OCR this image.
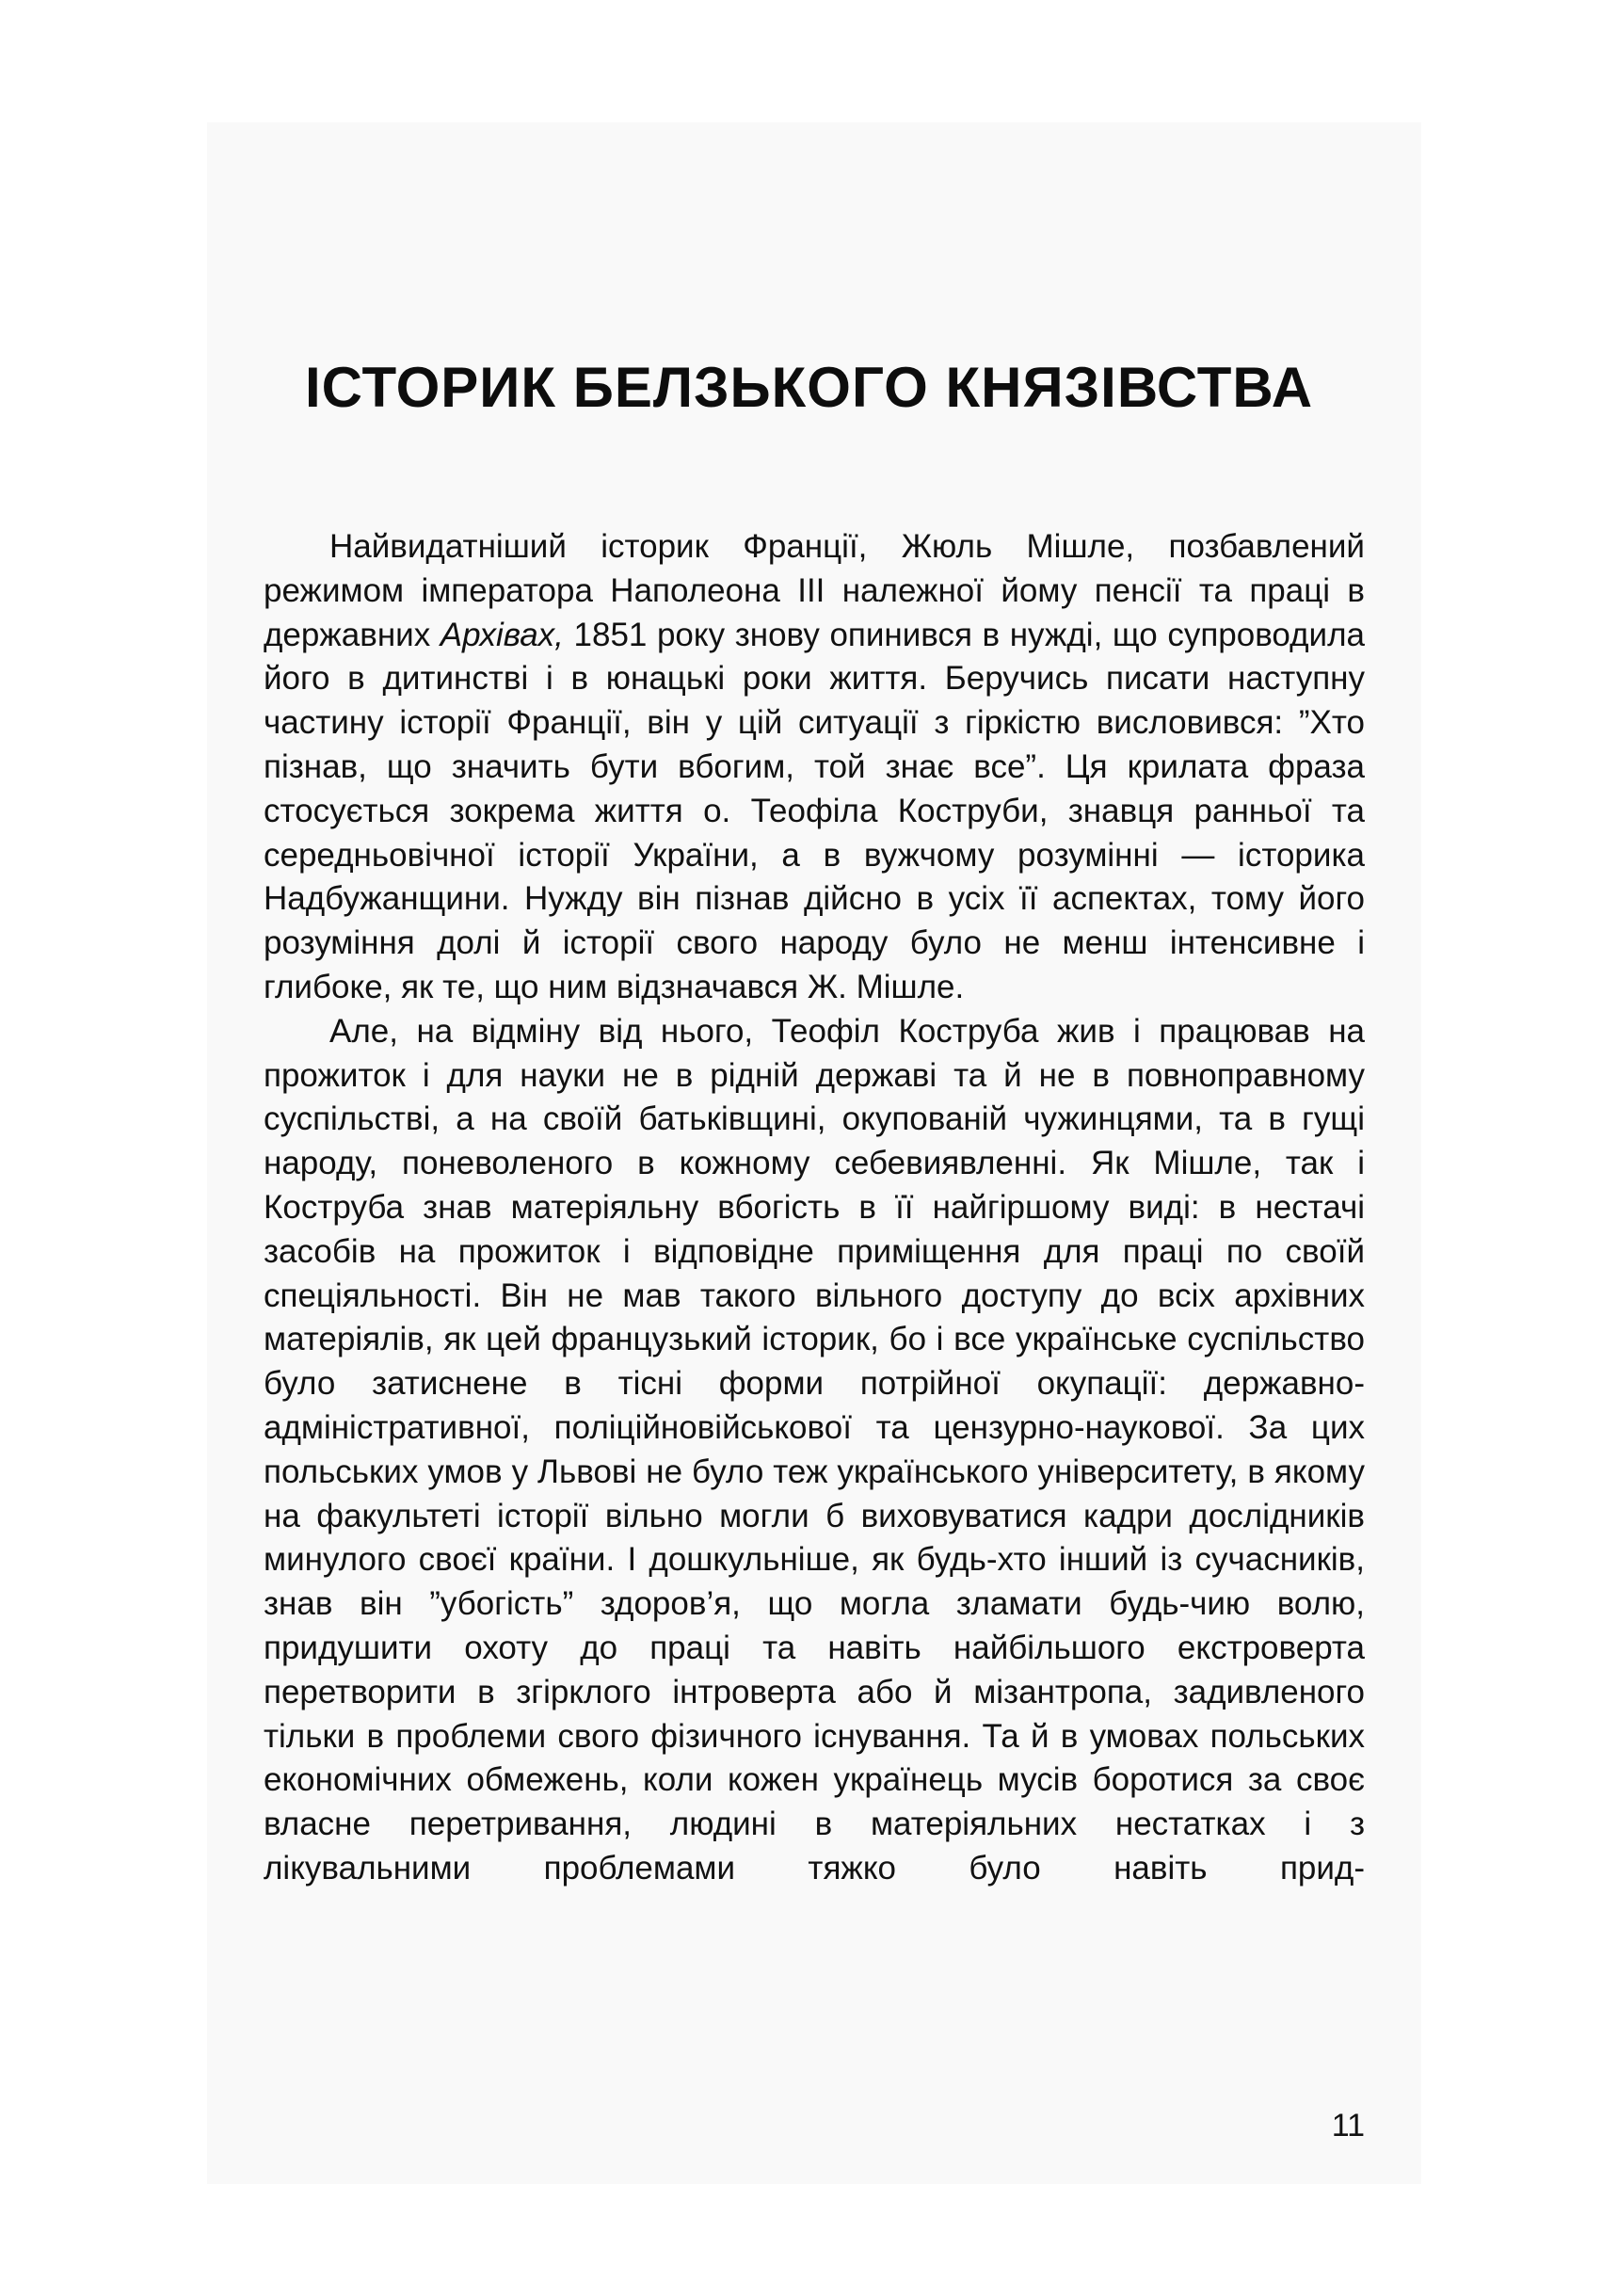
ІСТОРИК БЕЛЗЬКОГО КНЯЗІВСТВА

Найвидатніший історик Франції, Жюль Мішле, позбавлений режимом імператора Наполеона III належної йому пенсії та праці в державних Архівах, 1851 року знову опинився в нужді, що супроводила його в дитинстві і в юнацькі роки життя. Беручись писати наступну частину історії Франції, він у цій ситуації з гіркістю висловився: ”Хто пізнав, що значить бути вбогим, той знає все”. Ця крилата фраза стосується зокрема життя о. Теофіла Коструби, знавця ранньої та середньовічної історії України, а в вужчому розумінні — історика Надбужанщини. Нужду він пізнав дійсно в усіх її аспектах, тому його розуміння долі й історії свого народу було не менш інтенсивне і глибоке, як те, що ним відзначався Ж. Мішле.

Але, на відміну від нього, Теофіл Коструба жив і працював на прожиток і для науки не в рідній державі та й не в повноправному суспільстві, а на своїй батьківщині, окупованій чужинцями, та в гущі народу, поневоленого в кожному себевиявленні. Як Мішле, так і Коструба знав матеріяльну вбогість в її найгіршому виді: в нестачі засобів на прожиток і відповідне приміщення для праці по своїй спеціяльності. Він не мав такого вільного доступу до всіх архівних матеріялів, як цей французький історик, бо і все українське суспільство було затиснене в тісні форми потрійної окупації: державно-адміністративної, поліційновійськової та цензурно-наукової. За цих польських умов у Львові не було теж українського університету, в якому на факультеті історії вільно могли б виховуватися кадри дослідників минулого своєї країни. І дошкульніше, як будь-хто інший із сучасників, знав він ”убогість” здоров’я, що могла зламати будь-чию волю, придушити охоту до праці та навіть найбільшого екстроверта перетворити в згірклого інтроверта або й мізантропа, задивленого тільки в проблеми свого фізичного існування. Та й в умовах польських економічних обмежень, коли кожен українець мусів боротися за своє власне перетривання, людині в матеріяльних нестатках і з лікувальними проблемами тяжко було навіть прид-

11
